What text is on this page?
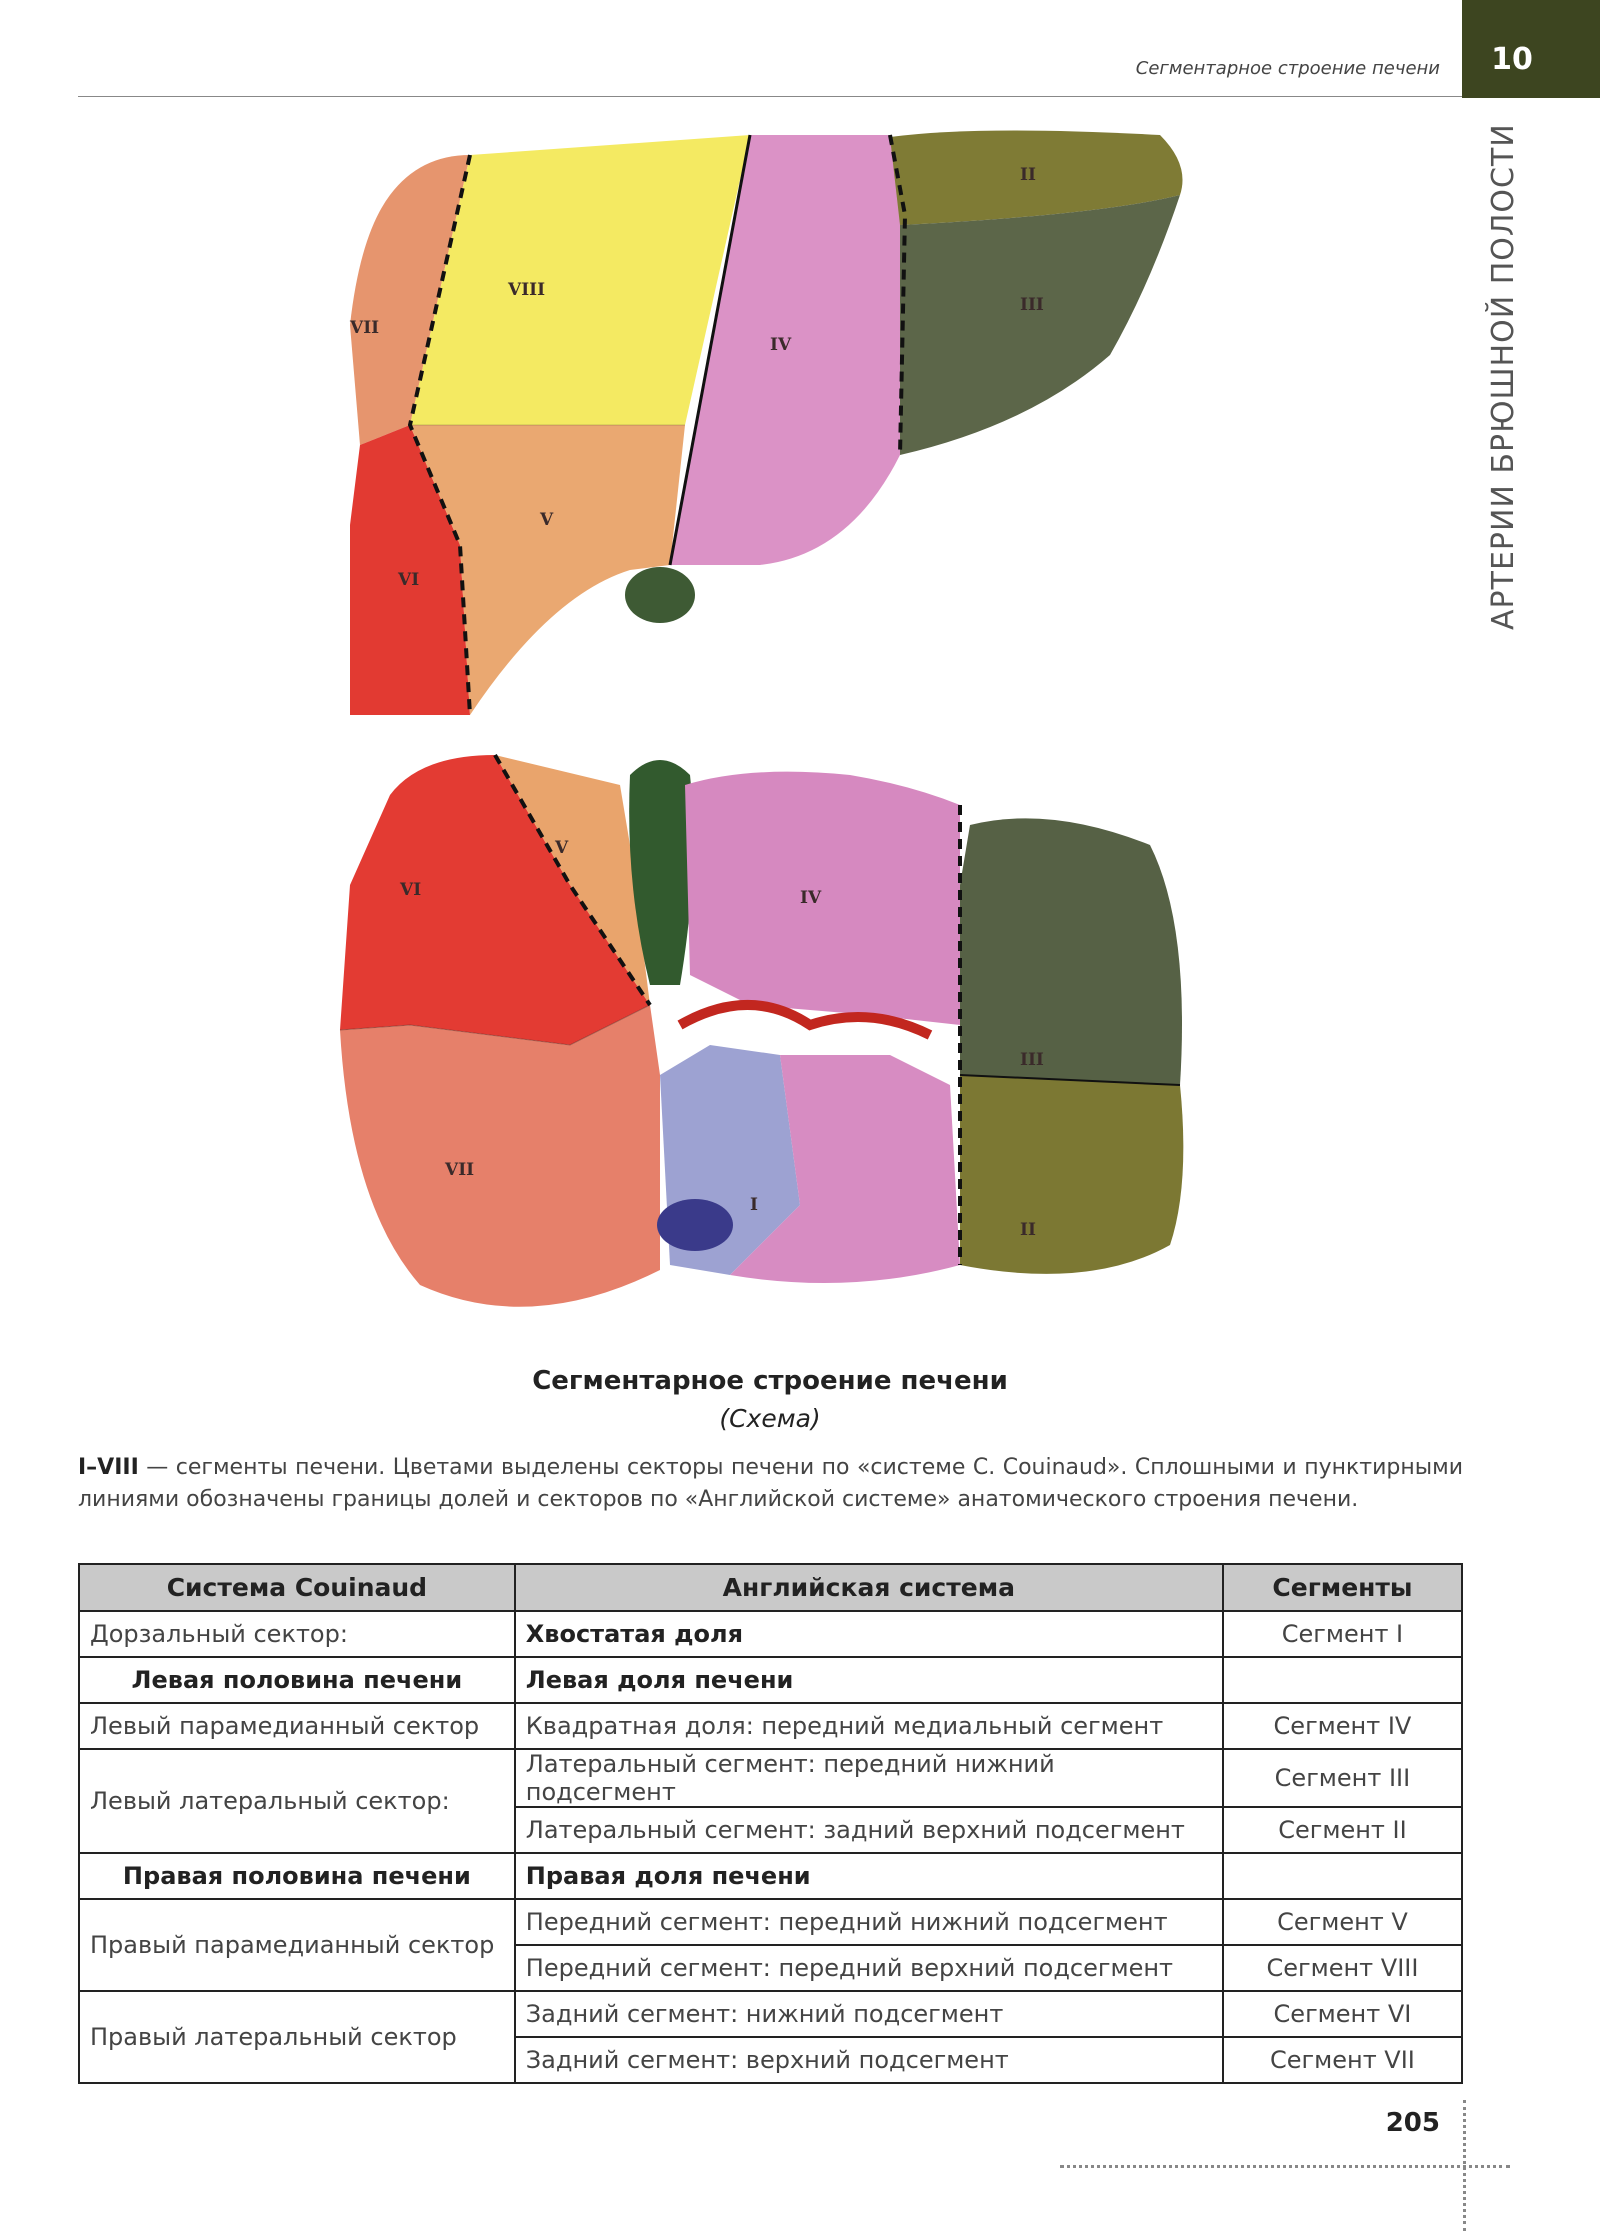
Сегментарное строение печени	10
АРТЕРИИ БРЮШНОЙ ПОЛОСТИ
VIII
VII
IV
III
II
V
VI
VI
V
IV
III
II
VII
I
Сегментарное строение печени
(Схема)
I–VIII — сегменты печени. Цветами выделены секторы печени по «системе C. Couinaud». Сплошными и пунктирными линиями обозначены границы долей и секторов по «Английской системе» анатомического строения печени.
Система Couinaud	Английская система	Сегменты
Дорзальный сектор:	Хвостатая доля	Сегмент I
Левая половина печени	Левая доля печени	
Левый парамедианный сектор	Квадратная доля: передний медиальный сегмент	Сегмент IV
Левый латеральный сектор:	Латеральный сегмент: передний нижний подсегмент	Сегмент III
	Латеральный сегмент: задний верхний подсегмент	Сегмент II
Правая половина печени	Правая доля печени	
Правый парамедианный сектор	Передний сегмент: передний нижний подсегмент	Сегмент V
	Передний сегмент: передний верхний подсегмент	Сегмент VIII
Правый латеральный сектор	Задний сегмент: нижний подсегмент	Сегмент VI
	Задний сегмент: верхний подсегмент	Сегмент VII
205
